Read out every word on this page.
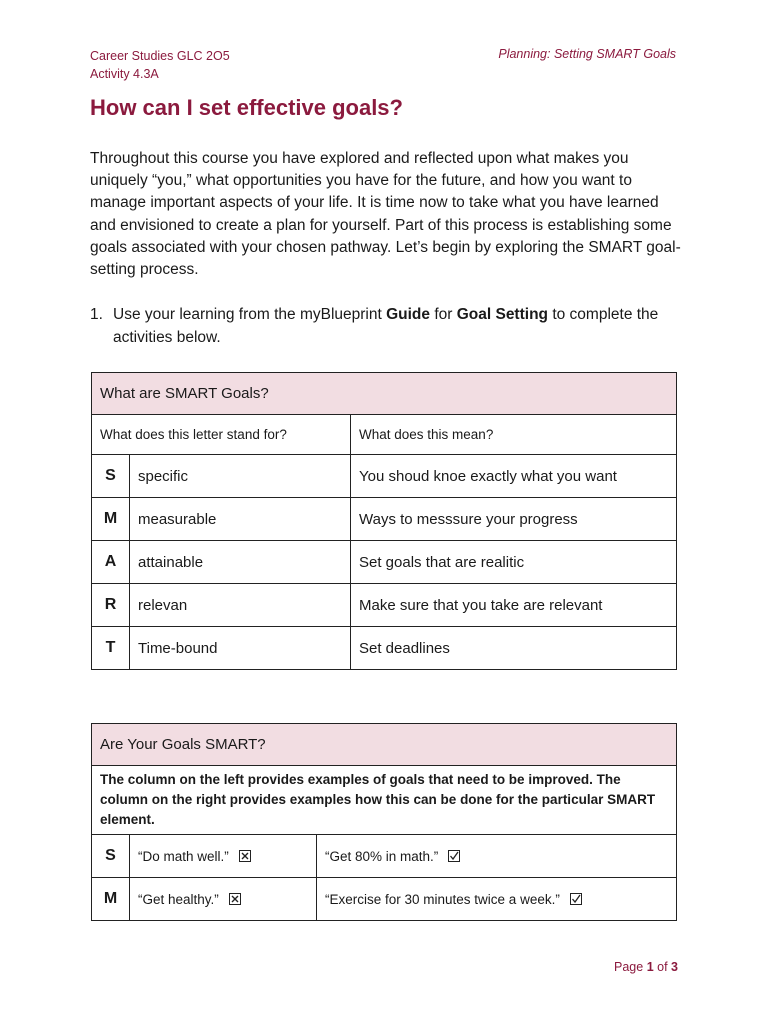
Career Studies GLC 2O5
Activity 4.3A
Planning: Setting SMART Goals
How can I set effective goals?

Throughout this course you have explored and reflected upon what makes you uniquely “you,” what opportunities you have for the future, and how you want to manage important aspects of your life. It is time now to take what you have learned and envisioned to create a plan for yourself. Part of this process is establishing some goals associated with your chosen pathway. Let’s begin by exploring the SMART goal-setting process.

1. Use your learning from the myBlueprint Guide for Goal Setting to complete the activities below.
What are SMART Goals?		
What does this letter stand for?		What does this mean?
S	specific	You shoud knoe exactly what you want
M	measurable	Ways to messsure your progress
A	attainable	Set goals that are realitic
R	relevan	Make sure that you take are relevant
T	Time-bound	Set deadlines
Are Your Goals SMART?		
The column on the left provides examples of goals that need to be improved. The column on the right provides examples how this can be done for the particular SMART element.		
S	“Do math well.”	“Get 80% in math.”

M	“Get healthy.”	“Exercise for 30 minutes twice a week.”
Page 1 of 3
